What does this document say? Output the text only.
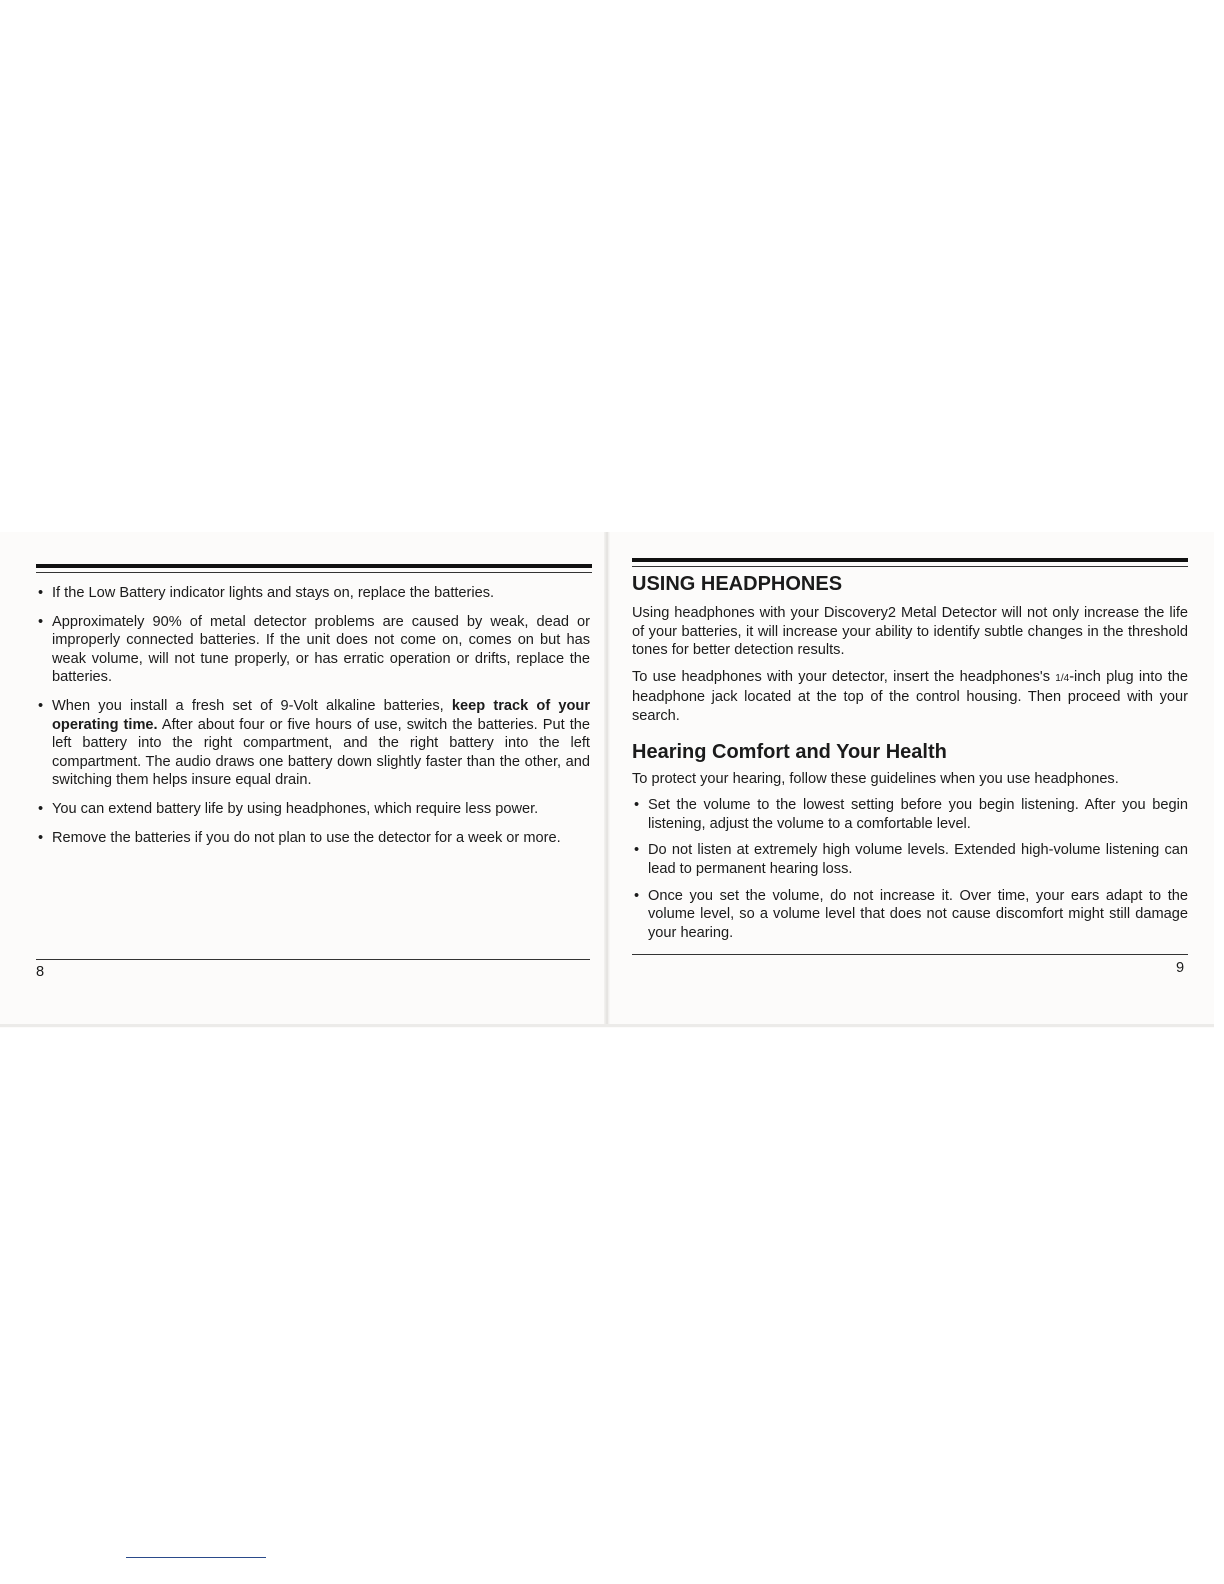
• If the Low Battery indicator lights and stays on, replace the batteries.
• Approximately 90% of metal detector problems are caused by weak, dead or improperly connected batteries. If the unit does not come on, comes on but has weak volume, will not tune properly, or has erratic operation or drifts, replace the batteries.
• When you install a fresh set of 9-Volt alkaline batteries, keep track of your operating time. After about four or five hours of use, switch the batteries. Put the left battery into the right compartment, and the right battery into the left compartment. The audio draws one battery down slightly faster than the other, and switching them helps insure equal drain.
• You can extend battery life by using headphones, which require less power.
• Remove the batteries if you do not plan to use the detector for a week or more.
8
USING HEADPHONES

Using headphones with your Discovery2 Metal Detector will not only increase the life of your batteries, it will increase your ability to identify subtle changes in the threshold tones for better detection results.

To use headphones with your detector, insert the headphones's 1/4-inch plug into the headphone jack located at the top of the control housing. Then proceed with your search.

Hearing Comfort and Your Health

To protect your hearing, follow these guidelines when you use headphones.

• Set the volume to the lowest setting before you begin listening. After you begin listening, adjust the volume to a comfortable level.
• Do not listen at extremely high volume levels. Extended high-volume listening can lead to permanent hearing loss.
• Once you set the volume, do not increase it. Over time, your ears adapt to the volume level, so a volume level that does not cause discomfort might still damage your hearing.
9
